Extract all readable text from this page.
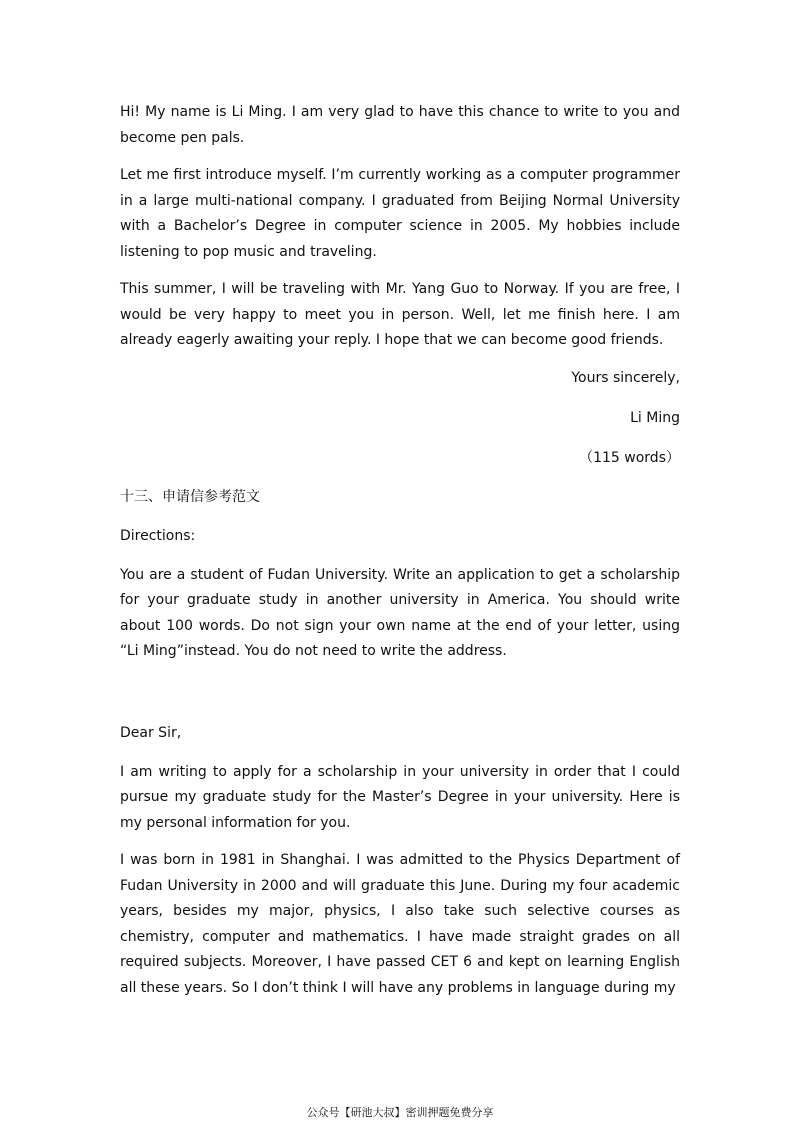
Hi! My name is Li Ming. I am very glad to have this chance to write to you and become pen pals.

Let me first introduce myself. I’m currently working as a computer programmer in a large multi-national company. I graduated from Beijing Normal University with a Bachelor’s Degree in computer science in 2005. My hobbies include listening to pop music and traveling.

This summer, I will be traveling with Mr. Yang Guo to Norway. If you are free, I would be very happy to meet you in person. Well, let me finish here. I am already eagerly awaiting your reply. I hope that we can become good friends.

Yours sincerely,

Li Ming

（115 words）

十三、申请信参考范文

Directions:

You are a student of Fudan University. Write an application to get a scholarship for your graduate study in another university in America. You should write about 100 words. Do not sign your own name at the end of your letter, using “Li Ming”instead. You do not need to write the address.

Dear Sir,

I am writing to apply for a scholarship in your university in order that I could pursue my graduate study for the Master’s Degree in your university. Here is my personal information for you.

I was born in 1981 in Shanghai. I was admitted to the Physics Department of Fudan University in 2000 and will graduate this June. During my four academic years, besides my major, physics, I also take such selective courses as chemistry, computer and mathematics. I have made straight grades on all required subjects. Moreover, I have passed CET 6 and kept on learning English all these years. So I don’t think I will have any problems in language during my

公众号【研池大叔】密训押题免费分享
